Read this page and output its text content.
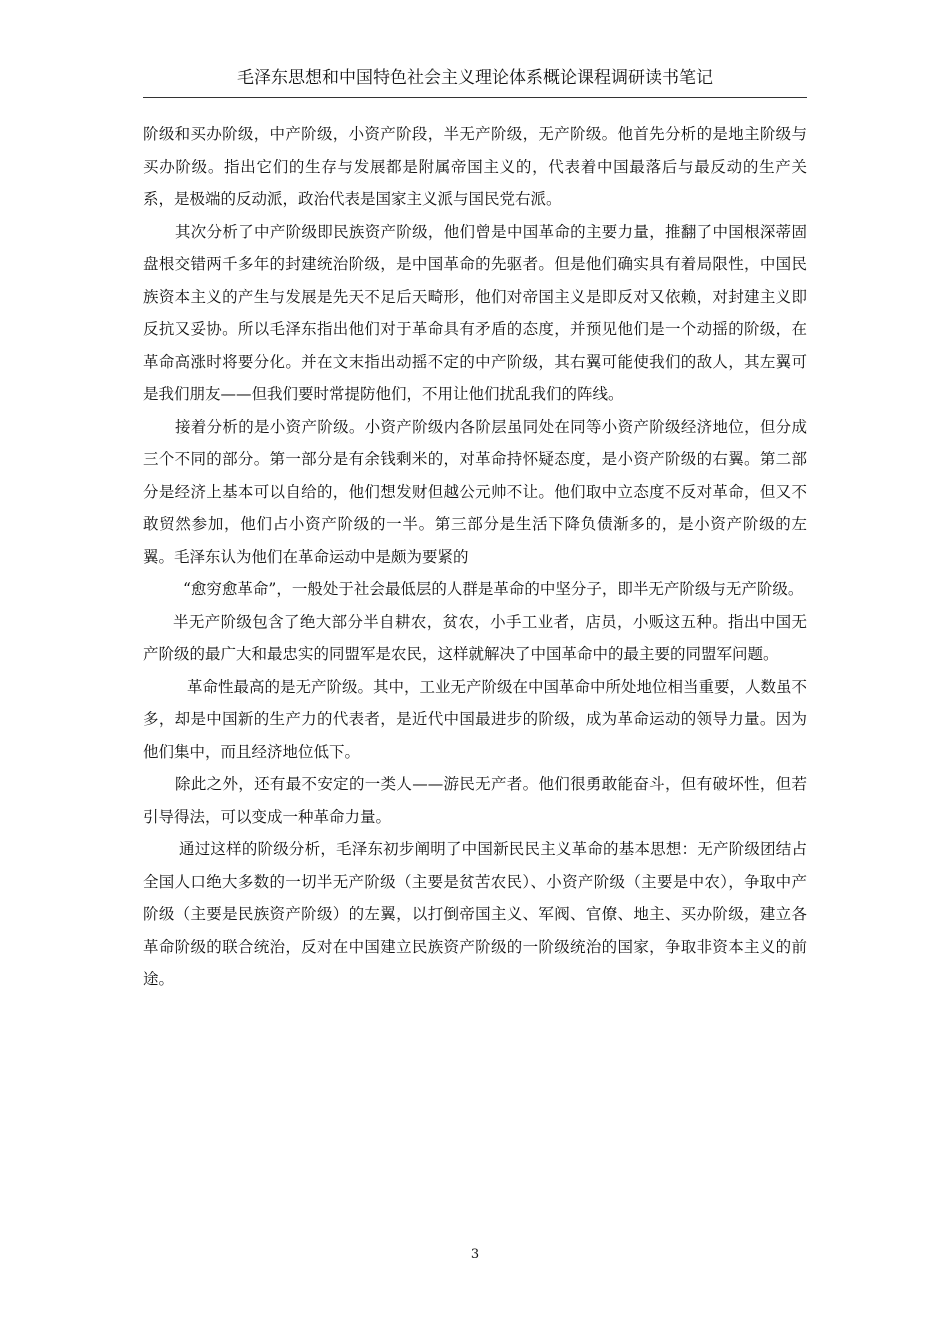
毛泽东思想和中国特色社会主义理论体系概论课程调研读书笔记

阶级和买办阶级，中产阶级，小资产阶段，半无产阶级，无产阶级。他首先分析的是地主阶级与买办阶级。指出它们的生存与发展都是附属帝国主义的，代表着中国最落后与最反动的生产关系，是极端的反动派，政治代表是国家主义派与国民党右派。

其次分析了中产阶级即民族资产阶级，他们曾是中国革命的主要力量，推翻了中国根深蒂固盘根交错两千多年的封建统治阶级，是中国革命的先驱者。但是他们确实具有着局限性，中国民族资本主义的产生与发展是先天不足后天畸形，他们对帝国主义是即反对又依赖，对封建主义即反抗又妥协。所以毛泽东指出他们对于革命具有矛盾的态度，并预见他们是一个动摇的阶级，在革命高涨时将要分化。并在文末指出动摇不定的中产阶级，其右翼可能使我们的敌人，其左翼可是我们朋友——但我们要时常提防他们，不用让他们扰乱我们的阵线。

接着分析的是小资产阶级。小资产阶级内各阶层虽同处在同等小资产阶级经济地位，但分成三个不同的部分。第一部分是有余钱剩米的，对革命持怀疑态度，是小资产阶级的右翼。第二部分是经济上基本可以自给的，他们想发财但越公元帅不让。他们取中立态度不反对革命，但又不敢贸然参加，他们占小资产阶级的一半。第三部分是生活下降负债渐多的，是小资产阶级的左翼。毛泽东认为他们在革命运动中是颇为要紧的

“愈穷愈革命”，一般处于社会最低层的人群是革命的中坚分子，即半无产阶级与无产阶级。

半无产阶级包含了绝大部分半自耕农，贫农，小手工业者，店员，小贩这五种。指出中国无产阶级的最广大和最忠实的同盟军是农民，这样就解决了中国革命中的最主要的同盟军问题。

革命性最高的是无产阶级。其中，工业无产阶级在中国革命中所处地位相当重要，人数虽不多，却是中国新的生产力的代表者，是近代中国最进步的阶级，成为革命运动的领导力量。因为他们集中，而且经济地位低下。

除此之外，还有最不安定的一类人——游民无产者。他们很勇敢能奋斗，但有破坏性，但若引导得法，可以变成一种革命力量。

通过这样的阶级分析，毛泽东初步阐明了中国新民民主义革命的基本思想：无产阶级团结占全国人口绝大多数的一切半无产阶级（主要是贫苦农民）、小资产阶级（主要是中农），争取中产阶级（主要是民族资产阶级）的左翼，以打倒帝国主义、军阀、官僚、地主、买办阶级，建立各革命阶级的联合统治，反对在中国建立民族资产阶级的一阶级统治的国家，争取非资本主义的前途。

3
